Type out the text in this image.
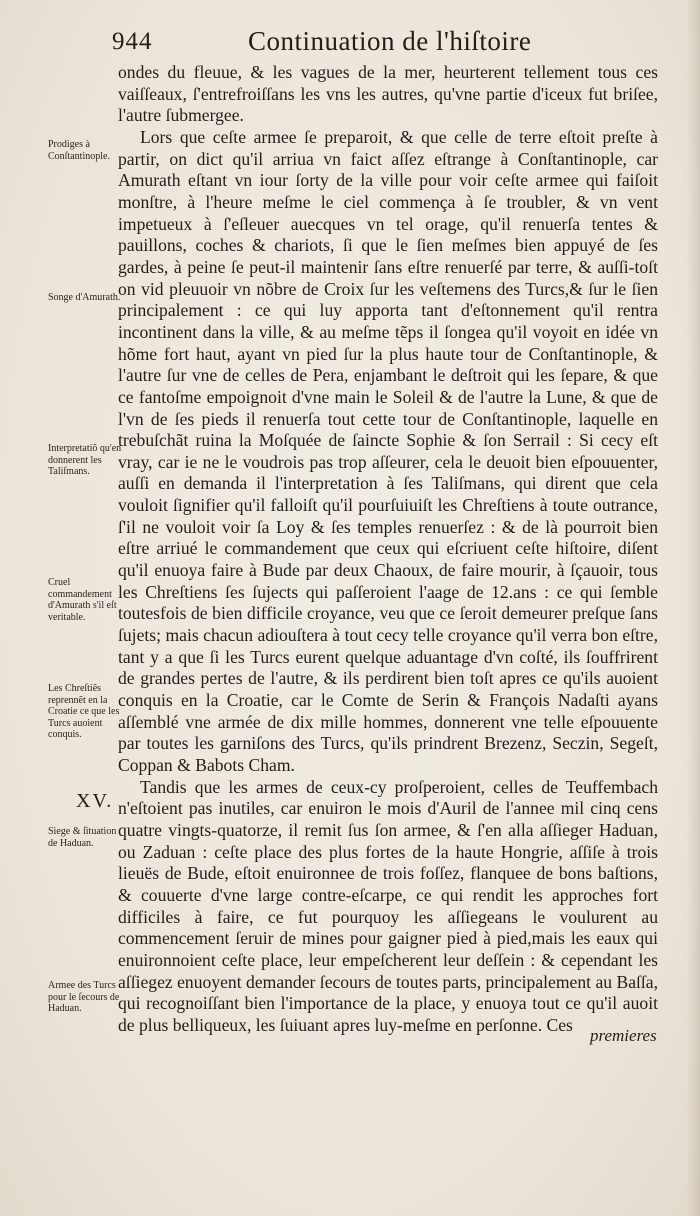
944	Continuation de l'hiſtoire

ondes du fleuue, & les vagues de la mer, heurterent tellement tous ces vaiſſeaux, ſ'entrefroiſſans les vns les autres, qu'vne partie d'iceux fut briſee, l'autre ſubmergee.

Lors que ceſte armee ſe preparoit, & que celle de terre eſtoit preſte à partir, on dict qu'il arriua vn faict aſſez eſtrange à Conſtantinople, car Amurath eſtant vn iour ſorty de la ville pour voir ceſte armee qui faiſoit monſtre, à l'heure meſme le ciel commença à ſe troubler, & vn vent impetueux à ſ'eſleuer auecques vn tel orage, qu'il renuerſa tentes & pauillons, coches & chariots, ſi que le ſien meſmes bien appuyé de ſes gardes, à peine ſe peut-il maintenir ſans eſtre renuerſé par terre, & auſſi-toſt on vid pleuuoir vn nõbre de Croix ſur les veſtemens des Turcs,& ſur le ſien principalement : ce qui luy apporta tant d'eſtonnement qu'il rentra incontinent dans la ville, & au meſme tẽps il ſongea qu'il voyoit en idée vn hõme fort haut, ayant vn pied ſur la plus haute tour de Conſtantinople, & l'autre ſur vne de celles de Pera, enjambant le deſtroit qui les ſepare, & que ce fantoſme empoignoit d'vne main le Soleil & de l'autre la Lune, & que de l'vn de ſes pieds il renuerſa tout cette tour de Conſtantinople, laquelle en trebuſchãt ruina la Moſquée de ſaincte Sophie & ſon Serrail : Si cecy eſt vray, car ie ne le voudrois pas trop aſſeurer, cela le deuoit bien eſpouuenter, auſſi en demanda il l'interpretation à ſes Taliſmans, qui dirent que cela vouloit ſignifier qu'il falloiſt qu'il pourſuiuiſt les Chreſtiens à toute outrance, ſ'il ne vouloit voir ſa Loy & ſes temples renuerſez : & de là pourroit bien eſtre arriué le commandement que ceux qui eſcriuent ceſte hiſtoire, diſent qu'il enuoya faire à Bude par deux Chaoux, de faire mourir, à ſçauoir, tous les Chreſtiens ſes ſujects qui paſſeroient l'aage de 12.ans : ce qui ſemble toutesfois de bien difficile croyance, veu que ce ſeroit demeurer preſque ſans ſujets; mais chacun adiouſtera à tout cecy telle croyance qu'il verra bon eſtre, tant y a que ſi les Turcs eurent quelque aduantage d'vn coſté, ils ſouffrirent de grandes pertes de l'autre, & ils perdirent bien toſt apres ce qu'ils auoient conquis en la Croatie, car le Comte de Serin & François Nadaſti ayans aſſemblé vne armée de dix mille hommes, donnerent vne telle eſpouuente par toutes les garniſons des Turcs, qu'ils prindrent Brezenz, Seczin, Segeſt, Coppan & Babots Cham.

Tandis que les armes de ceux-cy proſperoient, celles de Teuffembach n'eſtoient pas inutiles, car enuiron le mois d'Auril de l'annee mil cinq cens quatre vingts-quatorze, il remit ſus ſon armee, & ſ'en alla aſſieger Haduan, ou Zaduan : ceſte place des plus fortes de la haute Hongrie, aſſiſe à trois lieuës de Bude, eſtoit enuironnee de trois foſſez, flanquee de bons baſtions, & couuerte d'vne large contre-eſcarpe, ce qui rendit les approches fort difficiles à faire, ce fut pourquoy les aſſiegeans le voulurent au commencement ſeruir de mines pour gaigner pied à pied,mais les eaux qui enuironnoient ceſte place, leur empeſcherent leur deſſein : & cependant les aſſiegez enuoyent demander ſecours de toutes parts, principalement au Baſſa, qui recognoiſſant bien l'importance de la place, y enuoya tout ce qu'il auoit de plus belliqueux, les ſuiuant apres luy-meſme en perſonne. Ces

Prodiges à Conſtantinople.
Songe d'Amurath.
Interpretatiõ qu'en donnerent les Taliſmans.
Cruel commandement d'Amurath s'il eſt veritable.
Les Chreſtiẽs reprennẽt en la Croatie ce que les Turcs auoient conquis.
XV.
Siege & ſituation de Haduan.
Armee des Turcs pour le ſecours de Haduan.
premieres
